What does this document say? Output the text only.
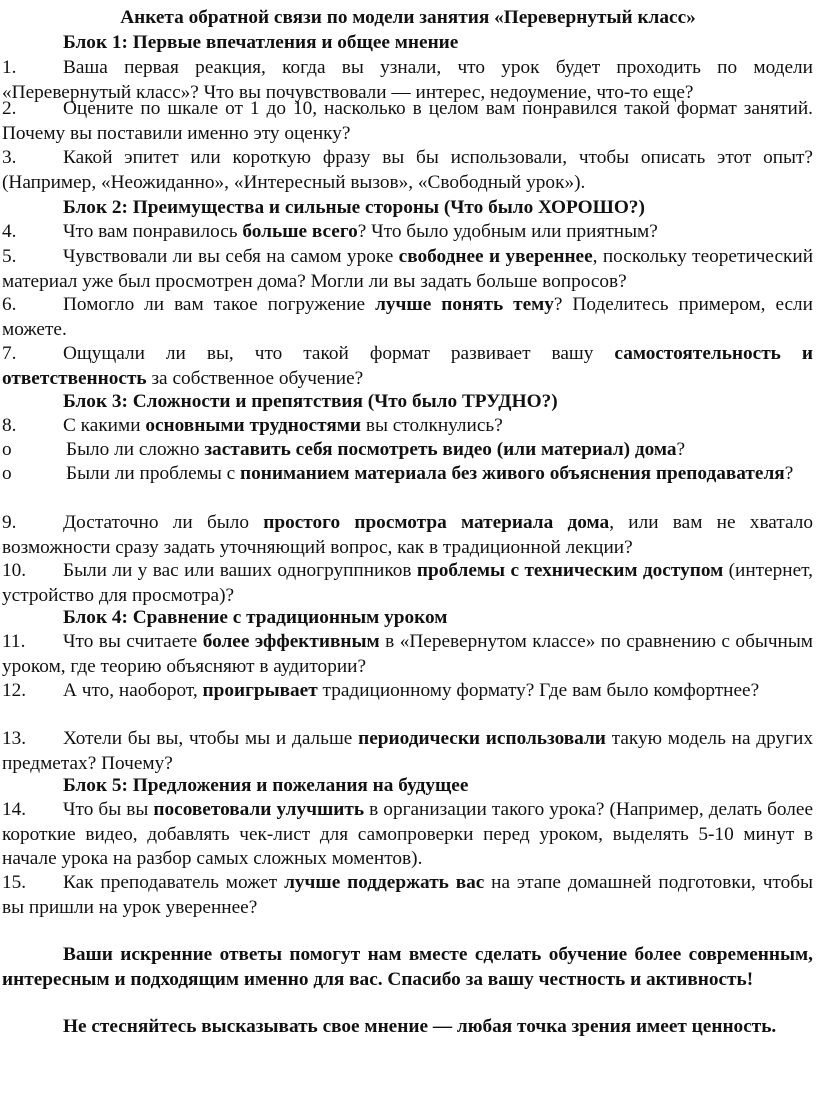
Анкета обратной связи по модели занятия «Перевернутый класс»

Блок 1: Первые впечатления и общее мнение

1. Ваша первая реакция, когда вы узнали, что урок будет проходить по модели «Перевернутый класс»? Что вы почувствовали — интерес, недоумение, что-то еще?

2. Оцените по шкале от 1 до 10, насколько в целом вам понравился такой формат занятий. Почему вы поставили именно эту оценку?

3. Какой эпитет или короткую фразу вы бы использовали, чтобы описать этот опыт? (Например, «Неожиданно», «Интересный вызов», «Свободный урок»).

Блок 2: Преимущества и сильные стороны (Что было ХОРОШО?)

4. Что вам понравилось больше всего? Что было удобным или приятным?

5. Чувствовали ли вы себя на самом уроке свободнее и увереннее, поскольку теоретический материал уже был просмотрен дома? Могли ли вы задать больше вопросов?

6. Помогло ли вам такое погружение лучше понять тему? Поделитесь примером, если можете.

7. Ощущали ли вы, что такой формат развивает вашу самостоятельность и ответственность за собственное обучение?

Блок 3: Сложности и препятствия (Что было ТРУДНО?)

8. С какими основными трудностями вы столкнулись?

o	Было ли сложно заставить себя посмотреть видео (или материал) дома?

o	Были ли проблемы с пониманием материала без живого объяснения преподавателя?

9. Достаточно ли было простого просмотра материала дома, или вам не хватало возможности сразу задать уточняющий вопрос, как в традиционной лекции?

10. Были ли у вас или ваших одногруппников проблемы с техническим доступом (интернет, устройство для просмотра)?

Блок 4: Сравнение с традиционным уроком

11. Что вы считаете более эффективным в «Перевернутом классе» по сравнению с обычным уроком, где теорию объясняют в аудитории?

12. А что, наоборот, проигрывает традиционному формату? Где вам было комфортнее?

13. Хотели бы вы, чтобы мы и дальше периодически использовали такую модель на других предметах? Почему?

Блок 5: Предложения и пожелания на будущее

14. Что бы вы посоветовали улучшить в организации такого урока? (Например, делать более короткие видео, добавлять чек-лист для самопроверки перед уроком, выделять 5-10 минут в начале урока на разбор самых сложных моментов).

15. Как преподаватель может лучше поддержать вас на этапе домашней подготовки, чтобы вы пришли на урок увереннее?

Ваши искренние ответы помогут нам вместе сделать обучение более современным, интересным и подходящим именно для вас. Спасибо за вашу честность и активность!

Не стесняйтесь высказывать свое мнение — любая точка зрения имеет ценность.
